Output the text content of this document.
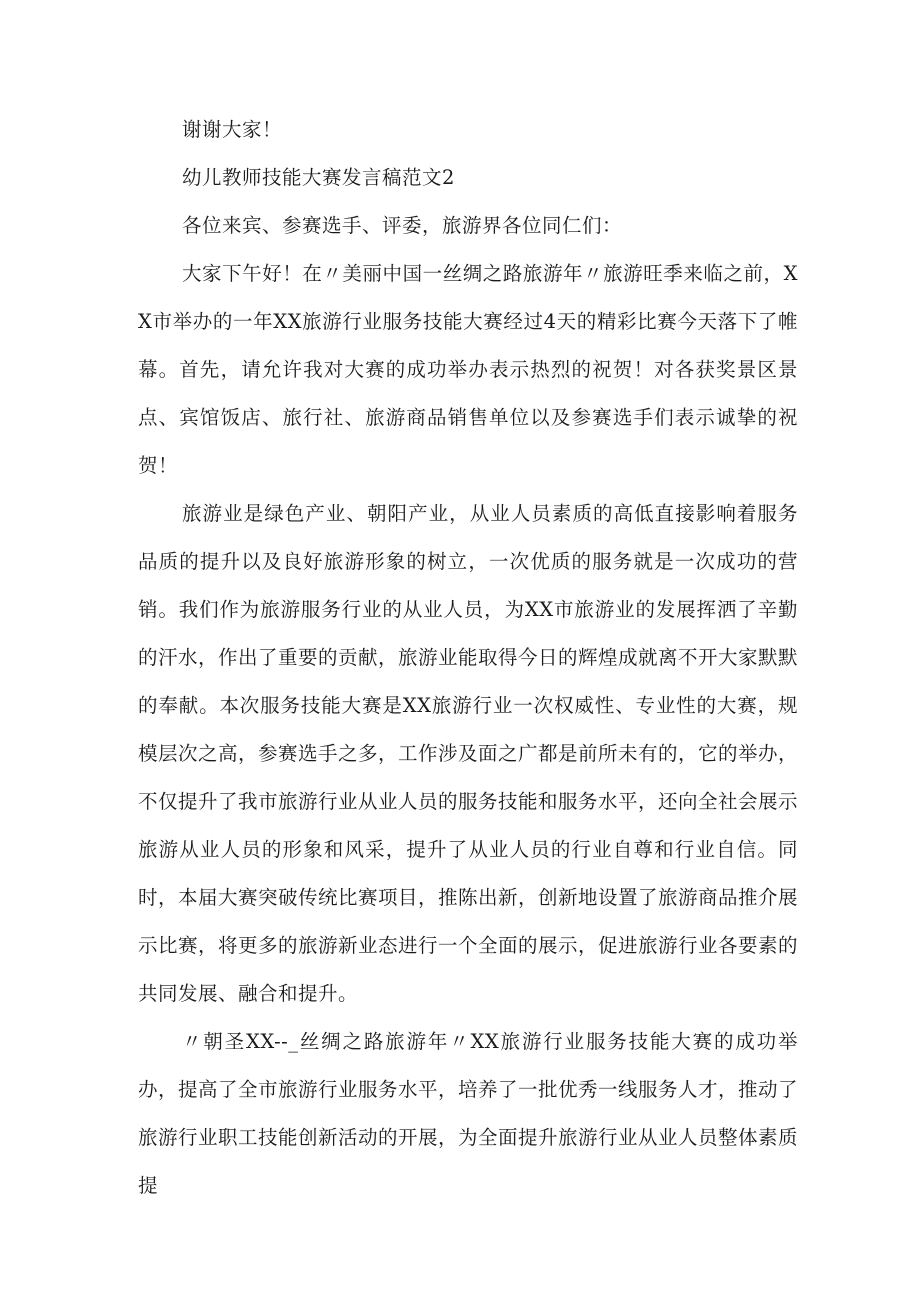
谢谢大家！

幼儿教师技能大赛发言稿范文2

各位来宾、参赛选手、评委，旅游界各位同仁们：

大家下午好！在〃美丽中国一丝绸之路旅游年〃旅游旺季来临之前，XX市举办的一年XX旅游行业服务技能大赛经过4天的精彩比赛今天落下了帷幕。首先，请允许我对大赛的成功举办表示热烈的祝贺！对各获奖景区景点、宾馆饭店、旅行社、旅游商品销售单位以及参赛选手们表示诚挚的祝贺！

旅游业是绿色产业、朝阳产业，从业人员素质的高低直接影响着服务品质的提升以及良好旅游形象的树立，一次优质的服务就是一次成功的营销。我们作为旅游服务行业的从业人员，为XX市旅游业的发展挥洒了辛勤的汗水，作出了重要的贡献，旅游业能取得今日的辉煌成就离不开大家默默的奉献。本次服务技能大赛是XX旅游行业一次权威性、专业性的大赛，规模层次之高，参赛选手之多，工作涉及面之广都是前所未有的，它的举办，不仅提升了我市旅游行业从业人员的服务技能和服务水平，还向全社会展示旅游从业人员的形象和风采，提升了从业人员的行业自尊和行业自信。同时，本届大赛突破传统比赛项目，推陈出新，创新地设置了旅游商品推介展示比赛，将更多的旅游新业态进行一个全面的展示，促进旅游行业各要素的共同发展、融合和提升。

〃朝圣XX--_丝绸之路旅游年〃XX旅游行业服务技能大赛的成功举办，提高了全市旅游行业服务水平，培养了一批优秀一线服务人才，推动了旅游行业职工技能创新活动的开展，为全面提升旅游行业从业人员整体素质提
